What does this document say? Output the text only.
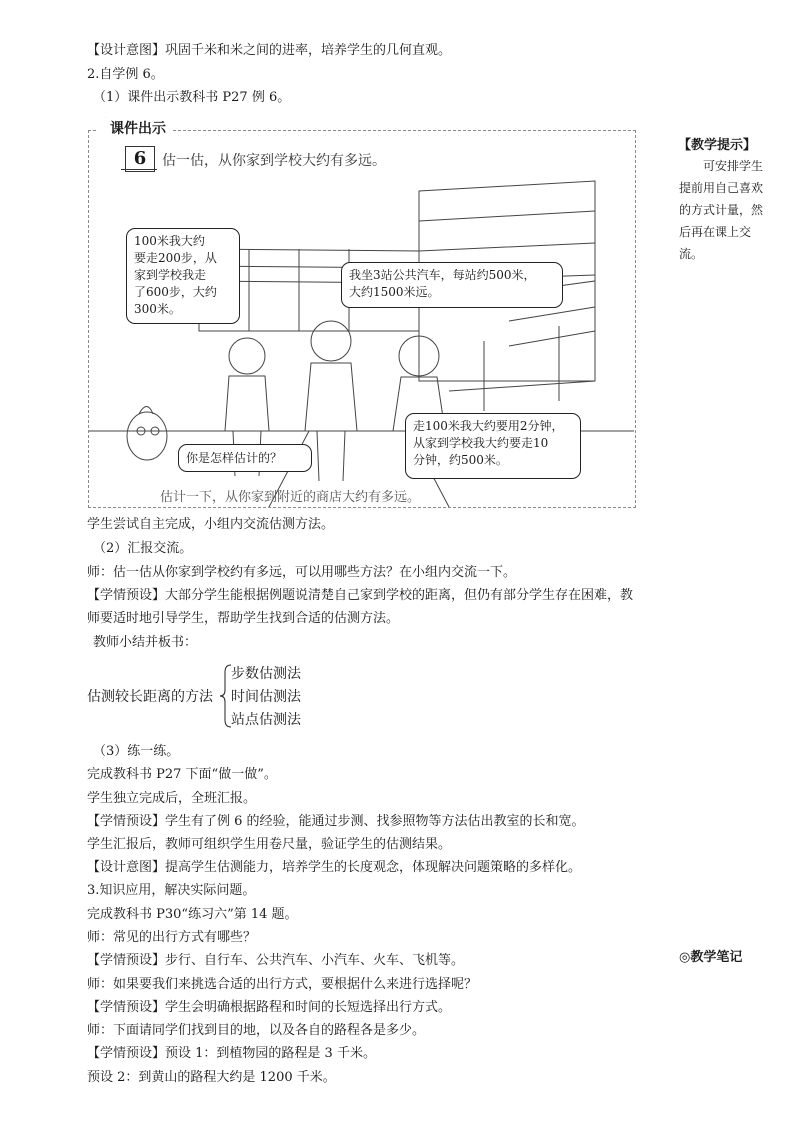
【设计意图】巩固千米和米之间的进率，培养学生的几何直观。
2.自学例 6。
（1）课件出示教科书 P27 例 6。
课件出示
6	估一估，从你家到学校大约有多远。
100米我大约
要走200步，从
家到学校我走
了600步，大约
300米。
我坐3站公共汽车，每站约500米，
大约1500米远。
你是怎样估计的？
走100米我大约要用2分钟，
从家到学校我大约要走10
分钟，约500米。
估计一下，从你家到附近的商店大约有多远。
【教学提示】
可安排学生提前用自己喜欢的方式计量，然后再在课上交流。
◎教学笔记
学生尝试自主完成，小组内交流估测方法。
（2）汇报交流。
师：估一估从你家到学校约有多远，可以用哪些方法？在小组内交流一下。
【学情预设】大部分学生能根据例题说清楚自己家到学校的距离，但仍有部分学生存在困难，教
师要适时地引导学生，帮助学生找到合适的估测方法。
教师小结并板书：
估测较长距离的方法
步数估测法
时间估测法
站点估测法
（3）练一练。
完成教科书 P27 下面“做一做”。
学生独立完成后，全班汇报。
【学情预设】学生有了例 6 的经验，能通过步测、找参照物等方法估出教室的长和宽。
学生汇报后，教师可组织学生用卷尺量，验证学生的估测结果。
【设计意图】提高学生估测能力，培养学生的长度观念，体现解决问题策略的多样化。
3.知识应用，解决实际问题。
完成教科书 P30“练习六”第 14 题。
师：常见的出行方式有哪些？
【学情预设】步行、自行车、公共汽车、小汽车、火车、飞机等。
师：如果要我们来挑选合适的出行方式，要根据什么来进行选择呢？
【学情预设】学生会明确根据路程和时间的长短选择出行方式。
师：下面请同学们找到目的地，以及各自的路程各是多少。
【学情预设】预设 1：到植物园的路程是 3 千米。
预设 2：到黄山的路程大约是 1200 千米。
